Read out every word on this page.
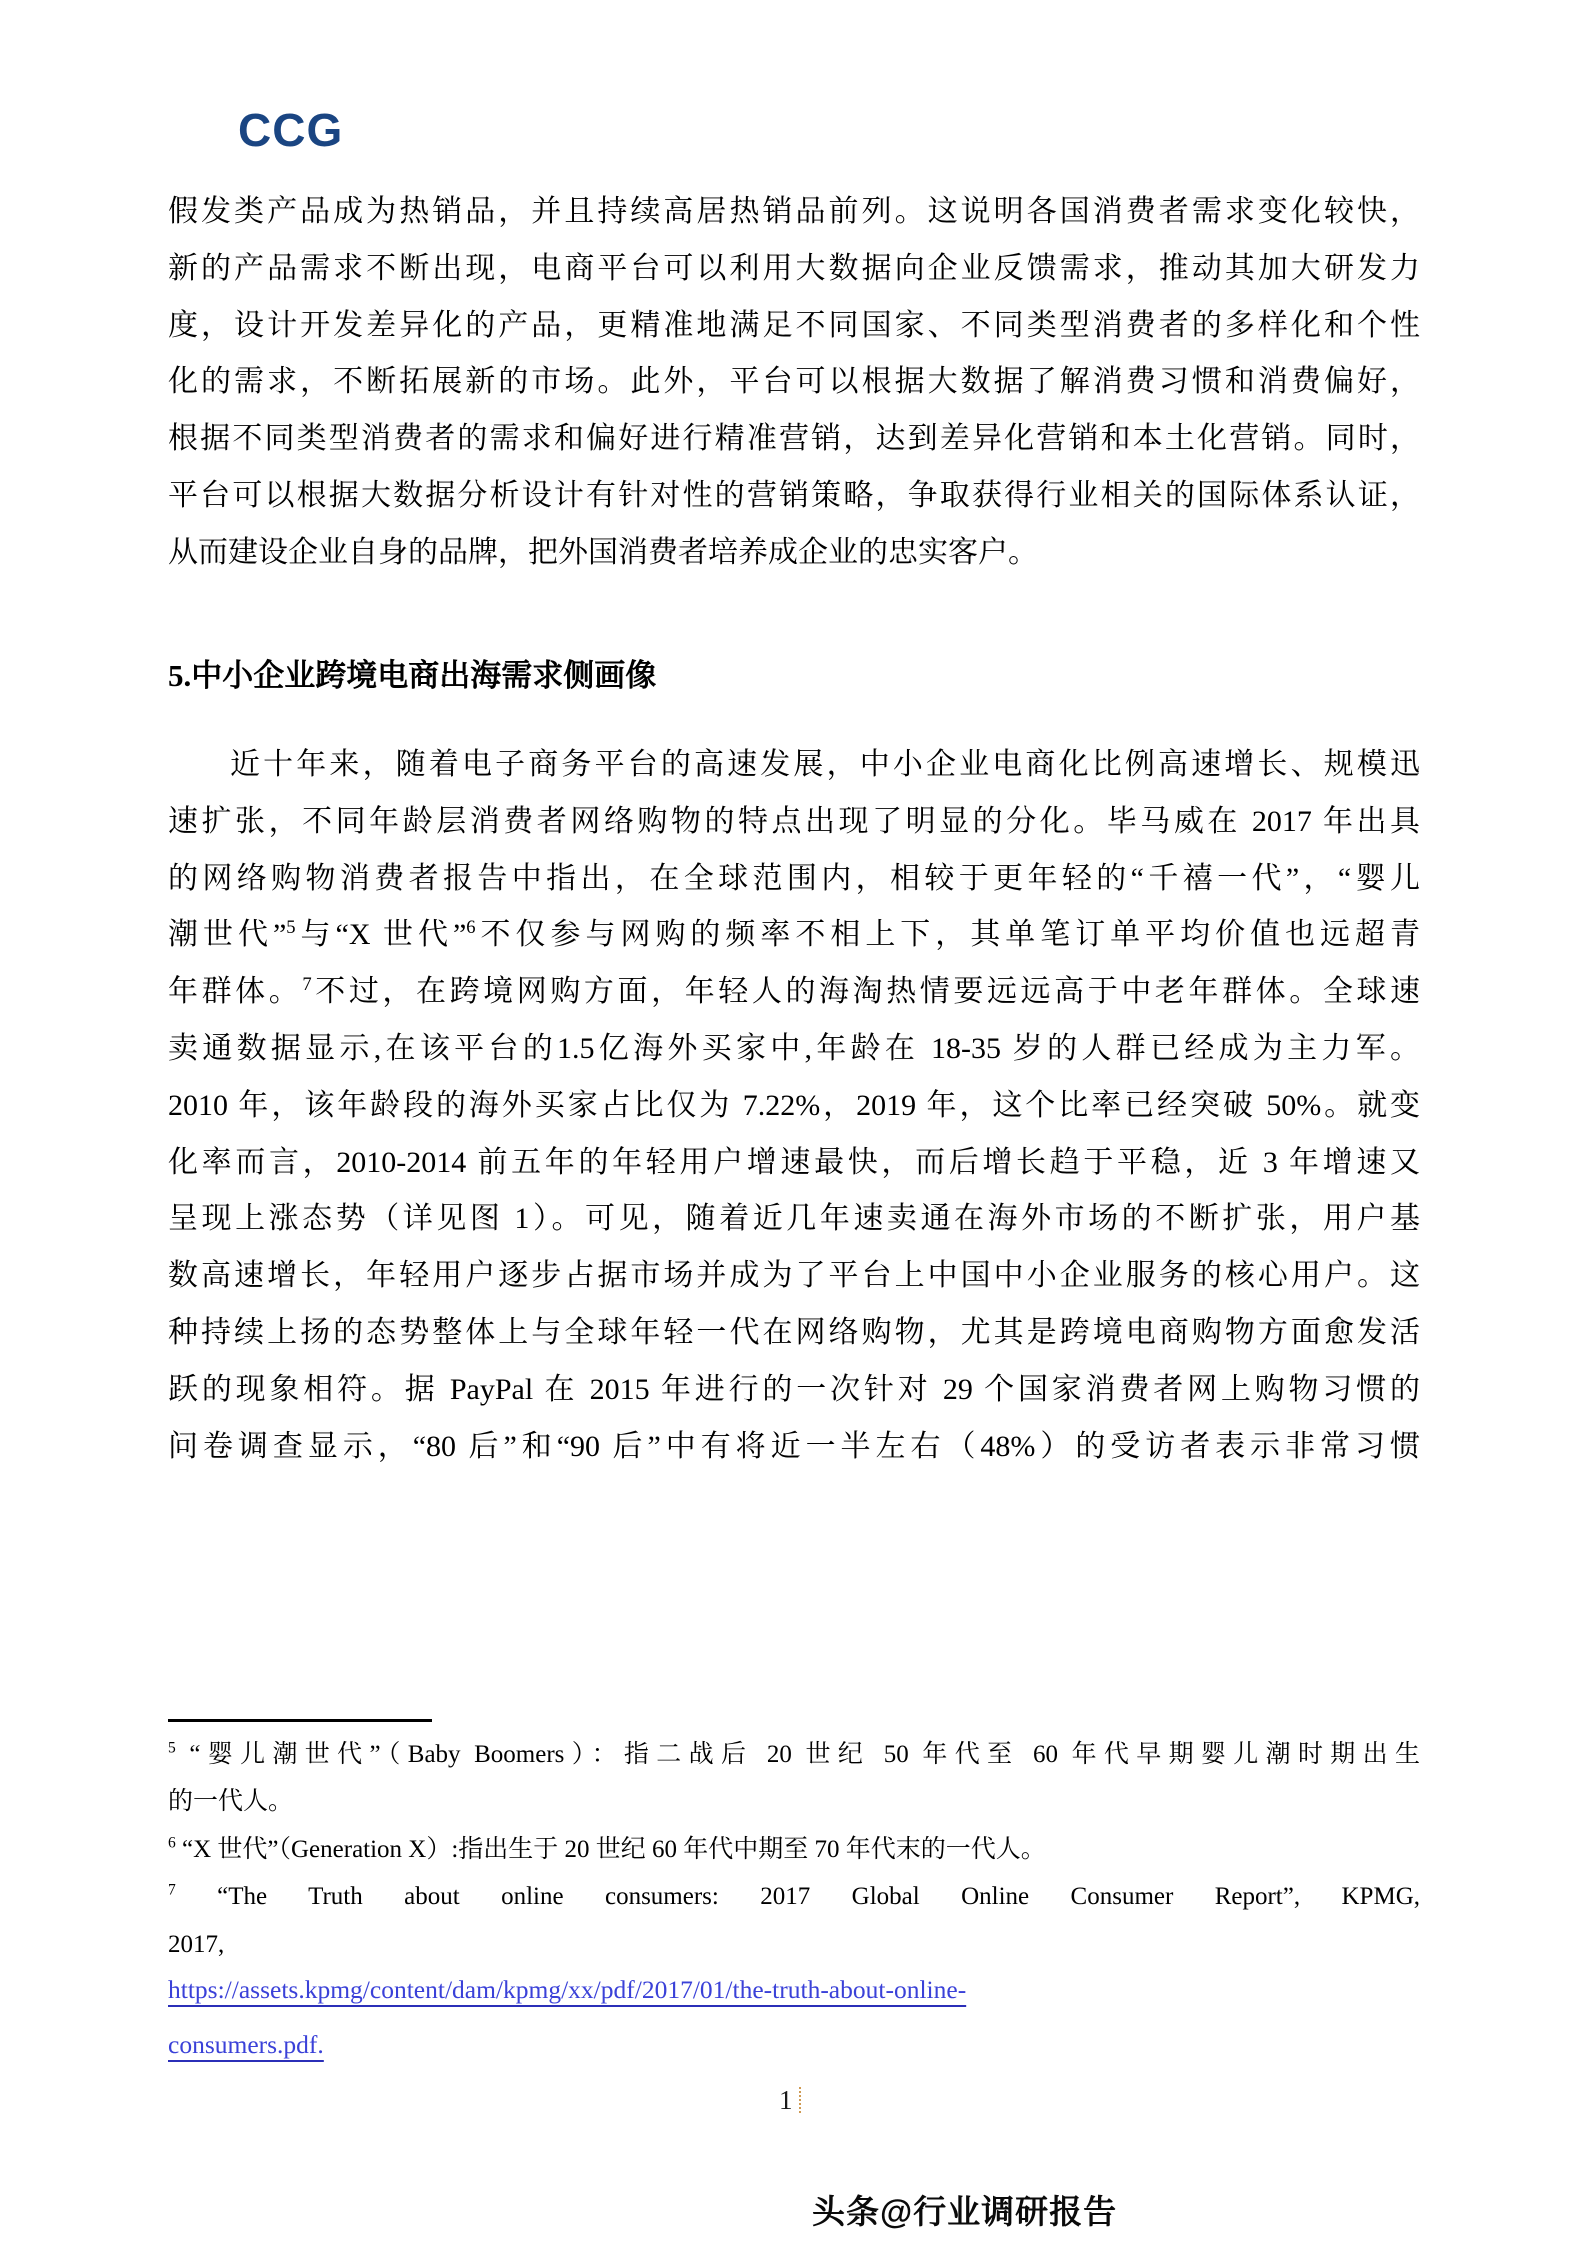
CCG
假发类产品成为热销品，并且持续高居热销品前列。这说明各国消费者需求变化较快，
新的产品需求不断出现，电商平台可以利用大数据向企业反馈需求，推动其加大研发力
度，设计开发差异化的产品，更精准地满足不同国家、不同类型消费者的多样化和个性
化的需求，不断拓展新的市场。此外，平台可以根据大数据了解消费习惯和消费偏好，
根据不同类型消费者的需求和偏好进行精准营销，达到差异化营销和本土化营销。同时，
平台可以根据大数据分析设计有针对性的营销策略，争取获得行业相关的国际体系认证，
从而建设企业自身的品牌，把外国消费者培养成企业的忠实客户。
5.中小企业跨境电商出海需求侧画像
近十年来，随着电子商务平台的高速发展，中小企业电商化比例高速增长、规模迅
速扩张，不同年龄层消费者网络购物的特点出现了明显的分化。毕马威在 2017 年出具
的网络购物消费者报告中指出，在全球范围内，相较于更年轻的“千禧一代”，“婴儿
潮世代”$^5$与“X 世代”$^6$不仅参与网购的频率不相上下，其单笔订单平均价值也远超青
年群体。$^7$不过，在跨境网购方面，年轻人的海淘热情要远远高于中老年群体。全球速
卖通数据显示,在该平台的1.5亿海外买家中,年龄在 18-35 岁的人群已经成为主力军。
2010 年，该年龄段的海外买家占比仅为 7.22%，2019 年，这个比率已经突破 50%。就变
化率而言，2010-2014 前五年的年轻用户增速最快，而后增长趋于平稳，近 3 年增速又
呈现上涨态势（详见图 1）。可见，随着近几年速卖通在海外市场的不断扩张，用户基
数高速增长，年轻用户逐步占据市场并成为了平台上中国中小企业服务的核心用户。这
种持续上扬的态势整体上与全球年轻一代在网络购物，尤其是跨境电商购物方面愈发活
跃的现象相符。据 PayPal 在 2015 年进行的一次针对 29 个国家消费者网上购物习惯的
问卷调查显示，“80 后”和“90 后”中有将近一半左右（48%）的受访者表示非常习惯
$^5$ “婴儿潮世代”（Baby Boomers）：指二战后 20 世纪 50 年代至 60 年代早期婴儿潮时期出生
的一代人。
$^6$ “X 世代”（Generation X）:指出生于 20 世纪 60 年代中期至 70 年代末的一代人。
$^7$ “The Truth about online consumers: 2017 Global Online Consumer Report”, KPMG,
2017,
https://assets.kpmg/content/dam/kpmg/xx/pdf/2017/01/the-truth-about-online-
consumers.pdf.
1
头条@行业调研报告
